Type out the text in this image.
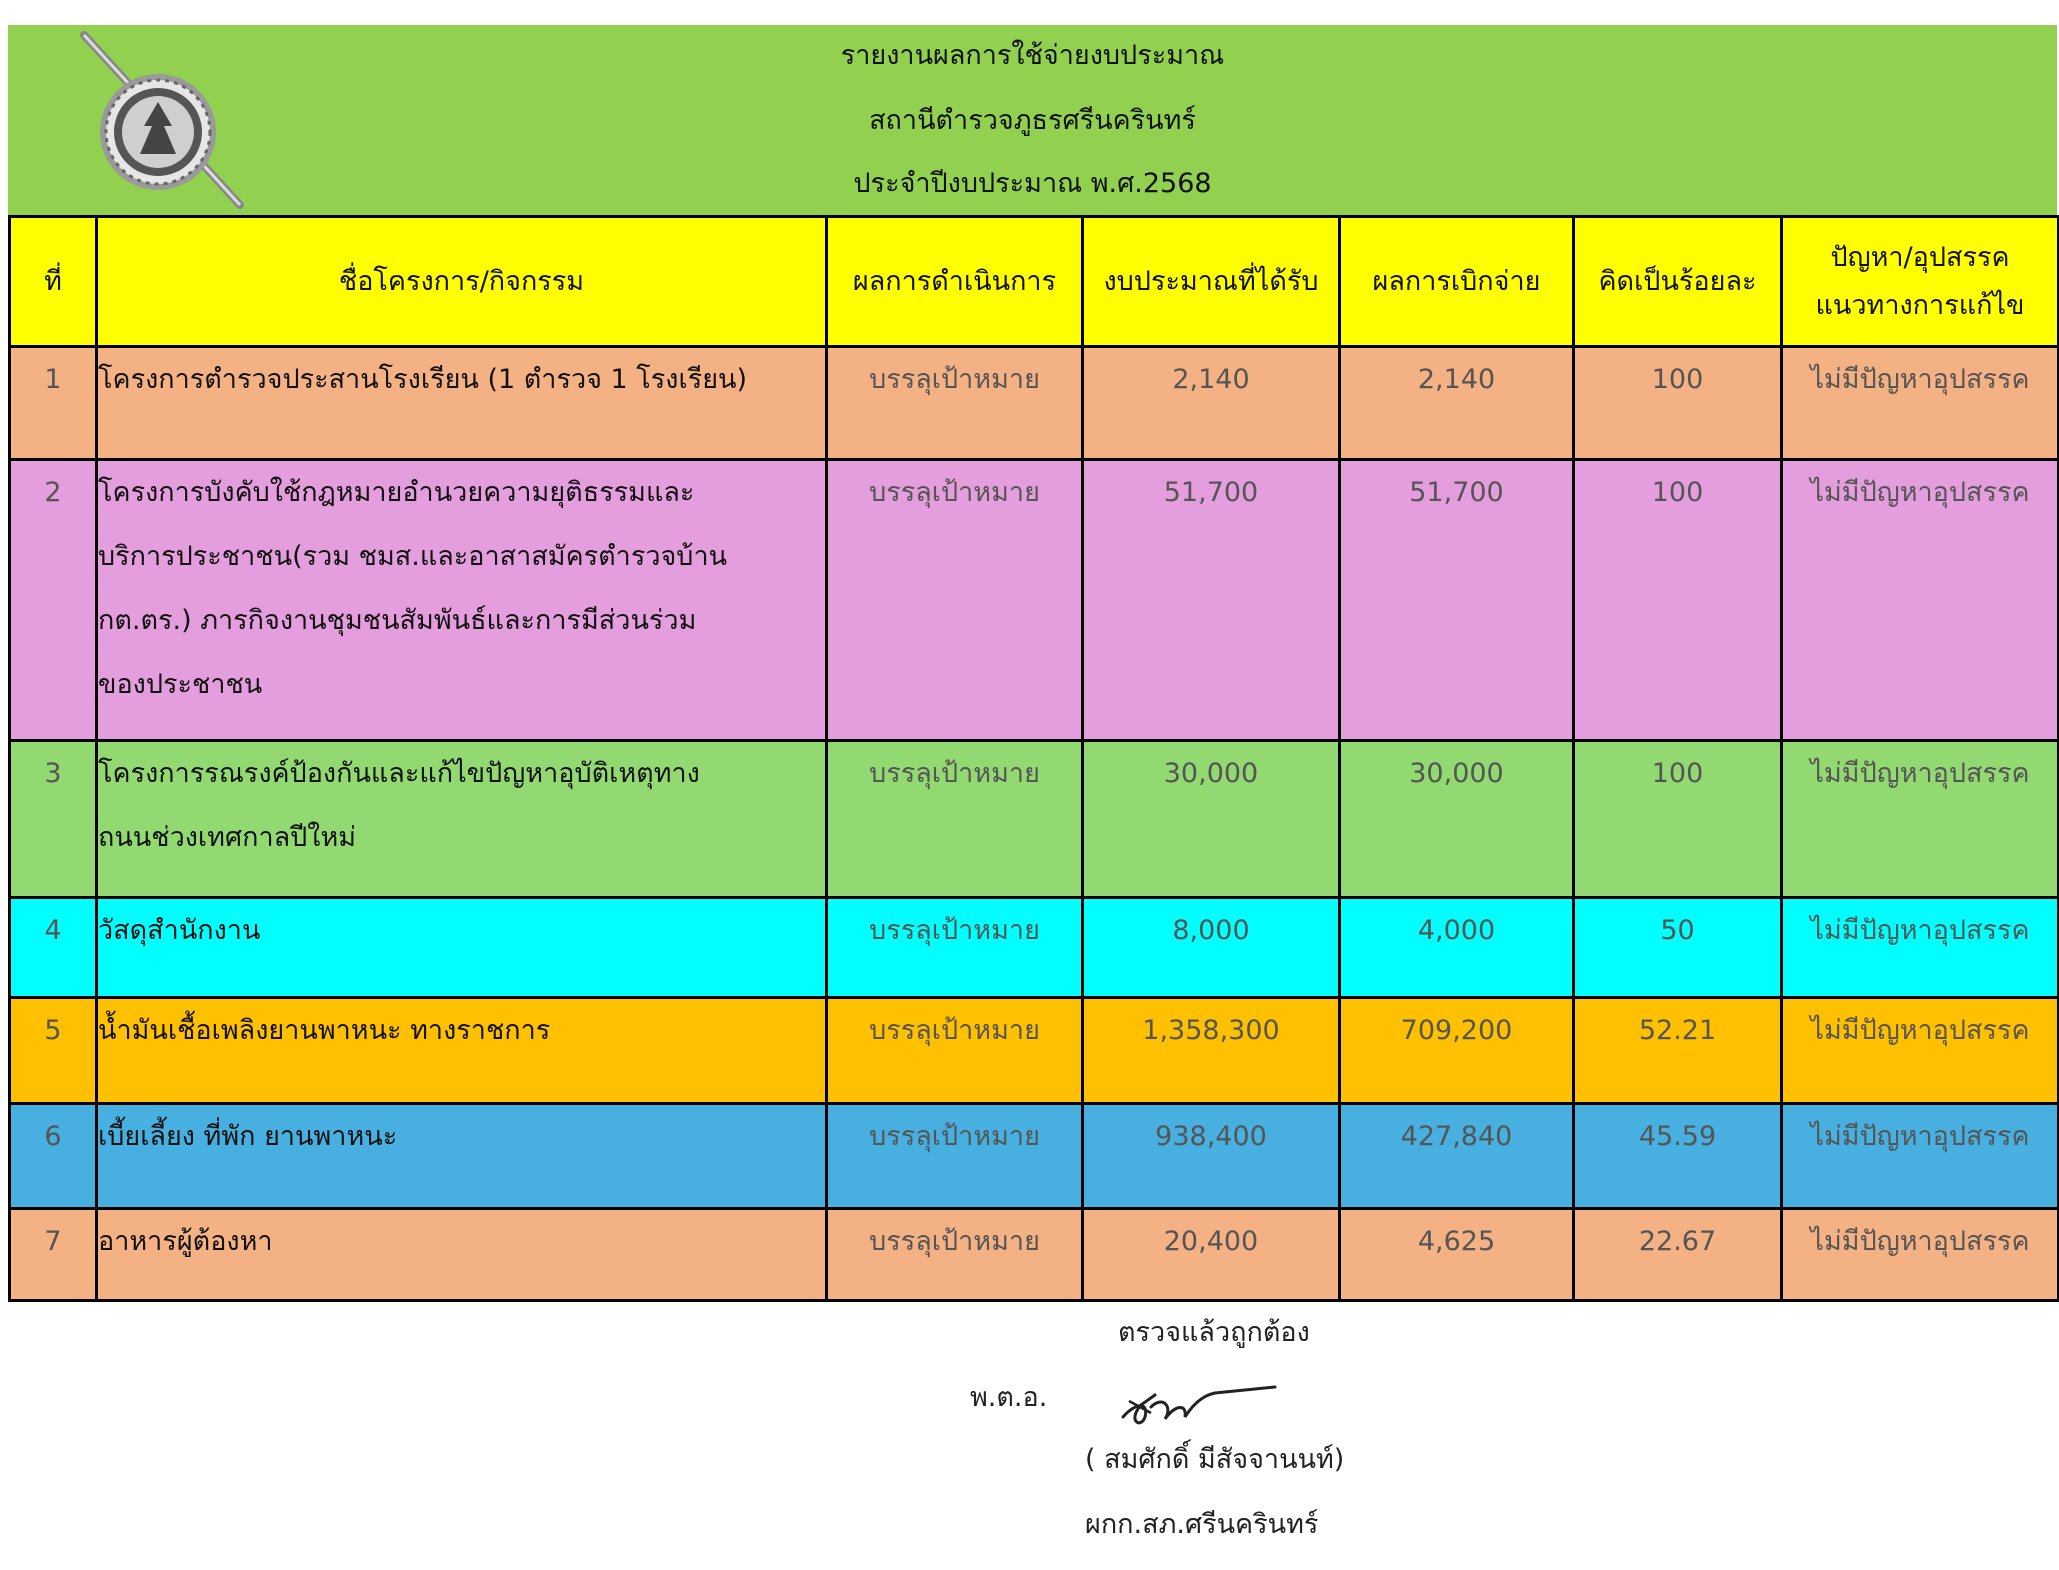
รายงานผลการใช้จ่ายงบประมาณ
สถานีตำรวจภูธรศรีนครินทร์
ประจำปีงบประมาณ พ.ศ.2568
ที่	ชื่อโครงการ/กิจกรรม	ผลการดำเนินการ	งบประมาณที่ได้รับ	ผลการเบิกจ่าย	คิดเป็นร้อยละ	ปัญหา/อุปสรรค
แนวทางการแก้ไข

1	โครงการตำรวจประสานโรงเรียน (1 ตำรวจ 1 โรงเรียน)	บรรลุเป้าหมาย	2,140	2,140	100	ไม่มีปัญหาอุปสรรค
2	โครงการบังคับใช้กฎหมายอำนวยความยุติธรรมและ
บริการประชาชน(รวม ชมส.และอาสาสมัครตำรวจบ้าน
กต.ตร.) ภารกิจงานชุมชนสัมพันธ์และการมีส่วนร่วม
ของประชาชน	บรรลุเป้าหมาย	51,700	51,700	100	ไม่มีปัญหาอุปสรรค
3	โครงการรณรงค์ป้องกันและแก้ไขปัญหาอุบัติเหตุทาง
ถนนช่วงเทศกาลปีใหม่	บรรลุเป้าหมาย	30,000	30,000	100	ไม่มีปัญหาอุปสรรค
4	วัสดุสำนักงาน	บรรลุเป้าหมาย	8,000	4,000	50	ไม่มีปัญหาอุปสรรค
5	น้ำมันเชื้อเพลิงยานพาหนะ ทางราชการ	บรรลุเป้าหมาย	1,358,300	709,200	52.21	ไม่มีปัญหาอุปสรรค
6	เบี้ยเลี้ยง ที่พัก ยานพาหนะ	บรรลุเป้าหมาย	938,400	427,840	45.59	ไม่มีปัญหาอุปสรรค
7	อาหารผู้ต้องหา	บรรลุเป้าหมาย	20,400	4,625	22.67	ไม่มีปัญหาอุปสรรค
ตรวจแล้วถูกต้อง
พ.ต.อ.
( สมศักดิ์ มีสัจจานนท์)
ผกก.สภ.ศรีนครินทร์
